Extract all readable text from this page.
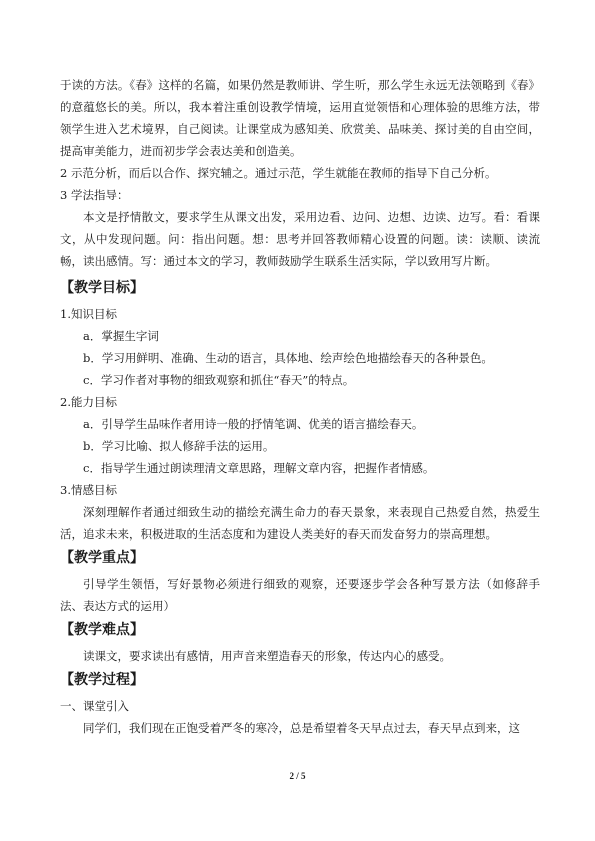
于读的方法。《春》这样的名篇，如果仍然是教师讲、学生听，那么学生永远无法领略到《春》的意蕴悠长的美。所以，我本着注重创设教学情境，运用直觉领悟和心理体验的思维方法，带领学生进入艺术境界，自己阅读。让课堂成为感知美、欣赏美、品味美、探讨美的自由空间，提高审美能力，进而初步学会表达美和创造美。

2 示范分析，而后以合作、探究辅之。通过示范，学生就能在教师的指导下自己分析。

3 学法指导：

本文是抒情散文，要求学生从课文出发，采用边看、边问、边想、边读、边写。看：看课文，从中发现问题。问：指出问题。想：思考并回答教师精心设置的问题。读：读顺、读流畅，读出感情。写：通过本文的学习，教师鼓励学生联系生活实际，学以致用写片断。

【教学目标】

1.知识目标

a．掌握生字词

b．学习用鲜明、准确、生动的语言，具体地、绘声绘色地描绘春天的各种景色。

c．学习作者对事物的细致观察和抓住“春天”的特点。

2.能力目标

a．引导学生品味作者用诗一般的抒情笔调、优美的语言描绘春天。

b．学习比喻、拟人修辞手法的运用。

c．指导学生通过朗读理清文章思路，理解文章内容，把握作者情感。

3.情感目标

深刻理解作者通过细致生动的描绘充满生命力的春天景象，来表现自己热爱自然，热爱生活，追求未来，积极进取的生活态度和为建设人类美好的春天而发奋努力的崇高理想。

【教学重点】

引导学生领悟，写好景物必须进行细致的观察，还要逐步学会各种写景方法（如修辞手法、表达方式的运用）

【教学难点】

读课文，要求读出有感情，用声音来塑造春天的形象，传达内心的感受。

【教学过程】

一、课堂引入

同学们，我们现在正饱受着严冬的寒冷，总是希望着冬天早点过去，春天早点到来，这

2 / 5
